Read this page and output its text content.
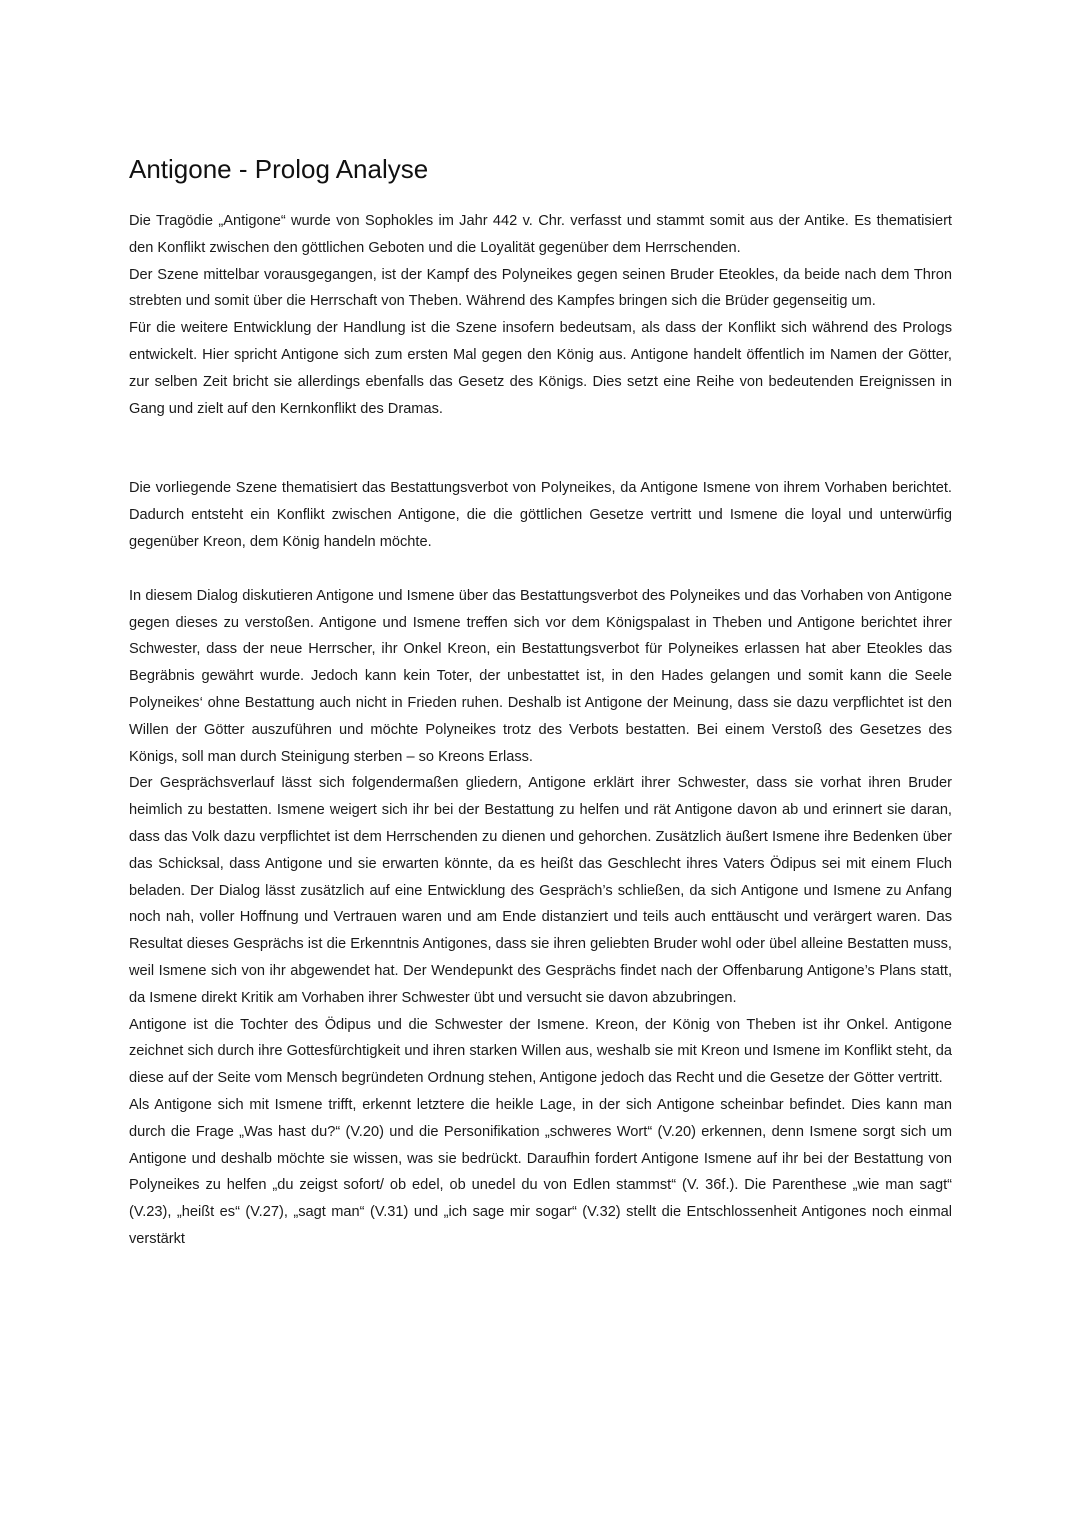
Antigone - Prolog Analyse

Die Tragödie „Antigone“ wurde von Sophokles im Jahr 442 v. Chr. verfasst und stammt somit aus der Antike. Es thematisiert den Konflikt zwischen den göttlichen Geboten und die Loyalität gegenüber dem Herrschenden.

Der Szene mittelbar vorausgegangen, ist der Kampf des Polyneikes gegen seinen Bruder Eteokles, da beide nach dem Thron strebten und somit über die Herrschaft von Theben. Während des Kampfes bringen sich die Brüder gegenseitig um.

Für die weitere Entwicklung der Handlung ist die Szene insofern bedeutsam, als dass der Konflikt sich während des Prologs entwickelt. Hier spricht Antigone sich zum ersten Mal gegen den König aus. Antigone handelt öffentlich im Namen der Götter, zur selben Zeit bricht sie allerdings ebenfalls das Gesetz des Königs. Dies setzt eine Reihe von bedeutenden Ereignissen in Gang und zielt auf den Kernkonflikt des Dramas.

Die vorliegende Szene thematisiert das Bestattungsverbot von Polyneikes, da Antigone Ismene von ihrem Vorhaben berichtet. Dadurch entsteht ein Konflikt zwischen Antigone, die die göttlichen Gesetze vertritt und Ismene die loyal und unterwürfig gegenüber Kreon, dem König handeln möchte.

In diesem Dialog diskutieren Antigone und Ismene über das Bestattungsverbot des Polyneikes und das Vorhaben von Antigone gegen dieses zu verstoßen. Antigone und Ismene treffen sich vor dem Königspalast in Theben und Antigone berichtet ihrer Schwester, dass der neue Herrscher, ihr Onkel Kreon, ein Bestattungsverbot für Polyneikes erlassen hat aber Eteokles das Begräbnis gewährt wurde. Jedoch kann kein Toter, der unbestattet ist, in den Hades gelangen und somit kann die Seele Polyneikes‘ ohne Bestattung auch nicht in Frieden ruhen. Deshalb ist Antigone der Meinung, dass sie dazu verpflichtet ist den Willen der Götter auszuführen und möchte Polyneikes trotz des Verbots bestatten. Bei einem Verstoß des Gesetzes des Königs, soll man durch Steinigung sterben – so Kreons Erlass.

Der Gesprächsverlauf lässt sich folgendermaßen gliedern, Antigone erklärt ihrer Schwester, dass sie vorhat ihren Bruder heimlich zu bestatten. Ismene weigert sich ihr bei der Bestattung zu helfen und rät Antigone davon ab und erinnert sie daran, dass das Volk dazu verpflichtet ist dem Herrschenden zu dienen und gehorchen. Zusätzlich äußert Ismene ihre Bedenken über das Schicksal, dass Antigone und sie erwarten könnte, da es heißt das Geschlecht ihres Vaters Ödipus sei mit einem Fluch beladen. Der Dialog lässt zusätzlich auf eine Entwicklung des Gespräch’s schließen, da sich Antigone und Ismene zu Anfang noch nah, voller Hoffnung und Vertrauen waren und am Ende distanziert und teils auch enttäuscht und verärgert waren. Das Resultat dieses Gesprächs ist die Erkenntnis Antigones, dass sie ihren geliebten Bruder wohl oder übel alleine Bestatten muss, weil Ismene sich von ihr abgewendet hat. Der Wendepunkt des Gesprächs findet nach der Offenbarung Antigone’s Plans statt, da Ismene direkt Kritik am Vorhaben ihrer Schwester übt und versucht sie davon abzubringen.

Antigone ist die Tochter des Ödipus und die Schwester der Ismene. Kreon, der König von Theben ist ihr Onkel. Antigone zeichnet sich durch ihre Gottesfürchtigkeit und ihren starken Willen aus, weshalb sie mit Kreon und Ismene im Konflikt steht, da diese auf der Seite vom Mensch begründeten Ordnung stehen, Antigone jedoch das Recht und die Gesetze der Götter vertritt.

Als Antigone sich mit Ismene trifft, erkennt letztere die heikle Lage, in der sich Antigone scheinbar befindet. Dies kann man durch die Frage „Was hast du?“ (V.20) und die Personifikation „schweres Wort“ (V.20) erkennen, denn Ismene sorgt sich um Antigone und deshalb möchte sie wissen, was sie bedrückt. Daraufhin fordert Antigone Ismene auf ihr bei der Bestattung von Polyneikes zu helfen „du zeigst sofort/ ob edel, ob unedel du von Edlen stammst“ (V. 36f.). Die Parenthese „wie man sagt“ (V.23), „heißt es“ (V.27), „sagt man“ (V.31) und „ich sage mir sogar“ (V.32) stellt die Entschlossenheit Antigones noch einmal verstärkt
